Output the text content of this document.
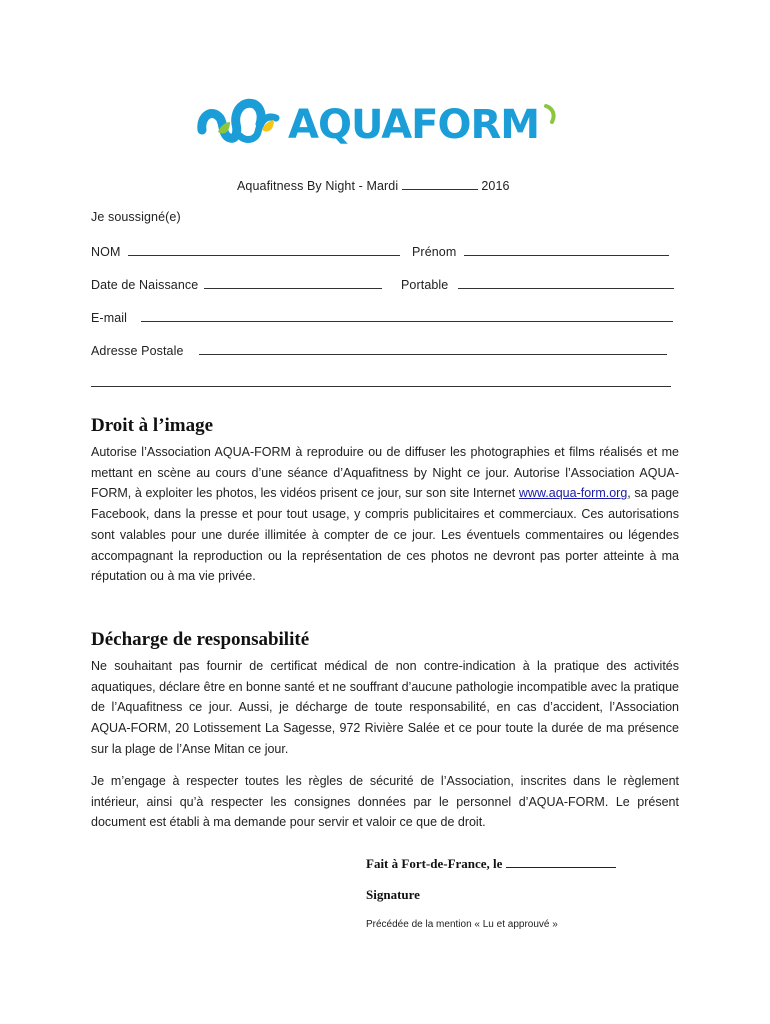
AQUAFORM
Aquafitness By Night - Mardi	2016
Je soussigné(e)
NOM	Prénom
Date de Naissance	Portable
E-mail
Adresse Postale
Droit à l’image

Autorise l’Association AQUA-FORM à reproduire ou de diffuser les photographies et films réalisés et me mettant en scène au cours d’une séance d’Aquafitness by Night ce jour. Autorise l’Association AQUA-FORM, à exploiter les photos, les vidéos prisent ce jour, sur son site Internet www.aqua-form.org, sa page Facebook, dans la presse et pour tout usage, y compris publicitaires et commerciaux. Ces autorisations sont valables pour une durée illimitée à compter de ce jour. Les éventuels commentaires ou légendes accompagnant la reproduction ou la représentation de ces photos ne devront pas porter atteinte à ma réputation ou à ma vie privée.

Décharge de responsabilité

Ne souhaitant pas fournir de certificat médical de non contre-indication à la pratique des activités aquatiques, déclare être en bonne santé et ne souffrant d’aucune pathologie incompatible avec la pratique de l’Aquafitness ce jour. Aussi, je décharge de toute responsabilité, en cas d’accident, l’Association AQUA-FORM, 20 Lotissement La Sagesse, 972 Rivière Salée et ce pour toute la durée de ma présence sur la plage de l’Anse Mitan ce jour.

Je m’engage à respecter toutes les règles de sécurité de l’Association, inscrites dans le règlement intérieur, ainsi qu’à respecter les consignes données par le personnel d’AQUA-FORM. Le présent document est établi à ma demande pour servir et valoir ce que de droit.

Fait à Fort-de-France, le
Signature
Précédée de la mention « Lu et approuvé »
